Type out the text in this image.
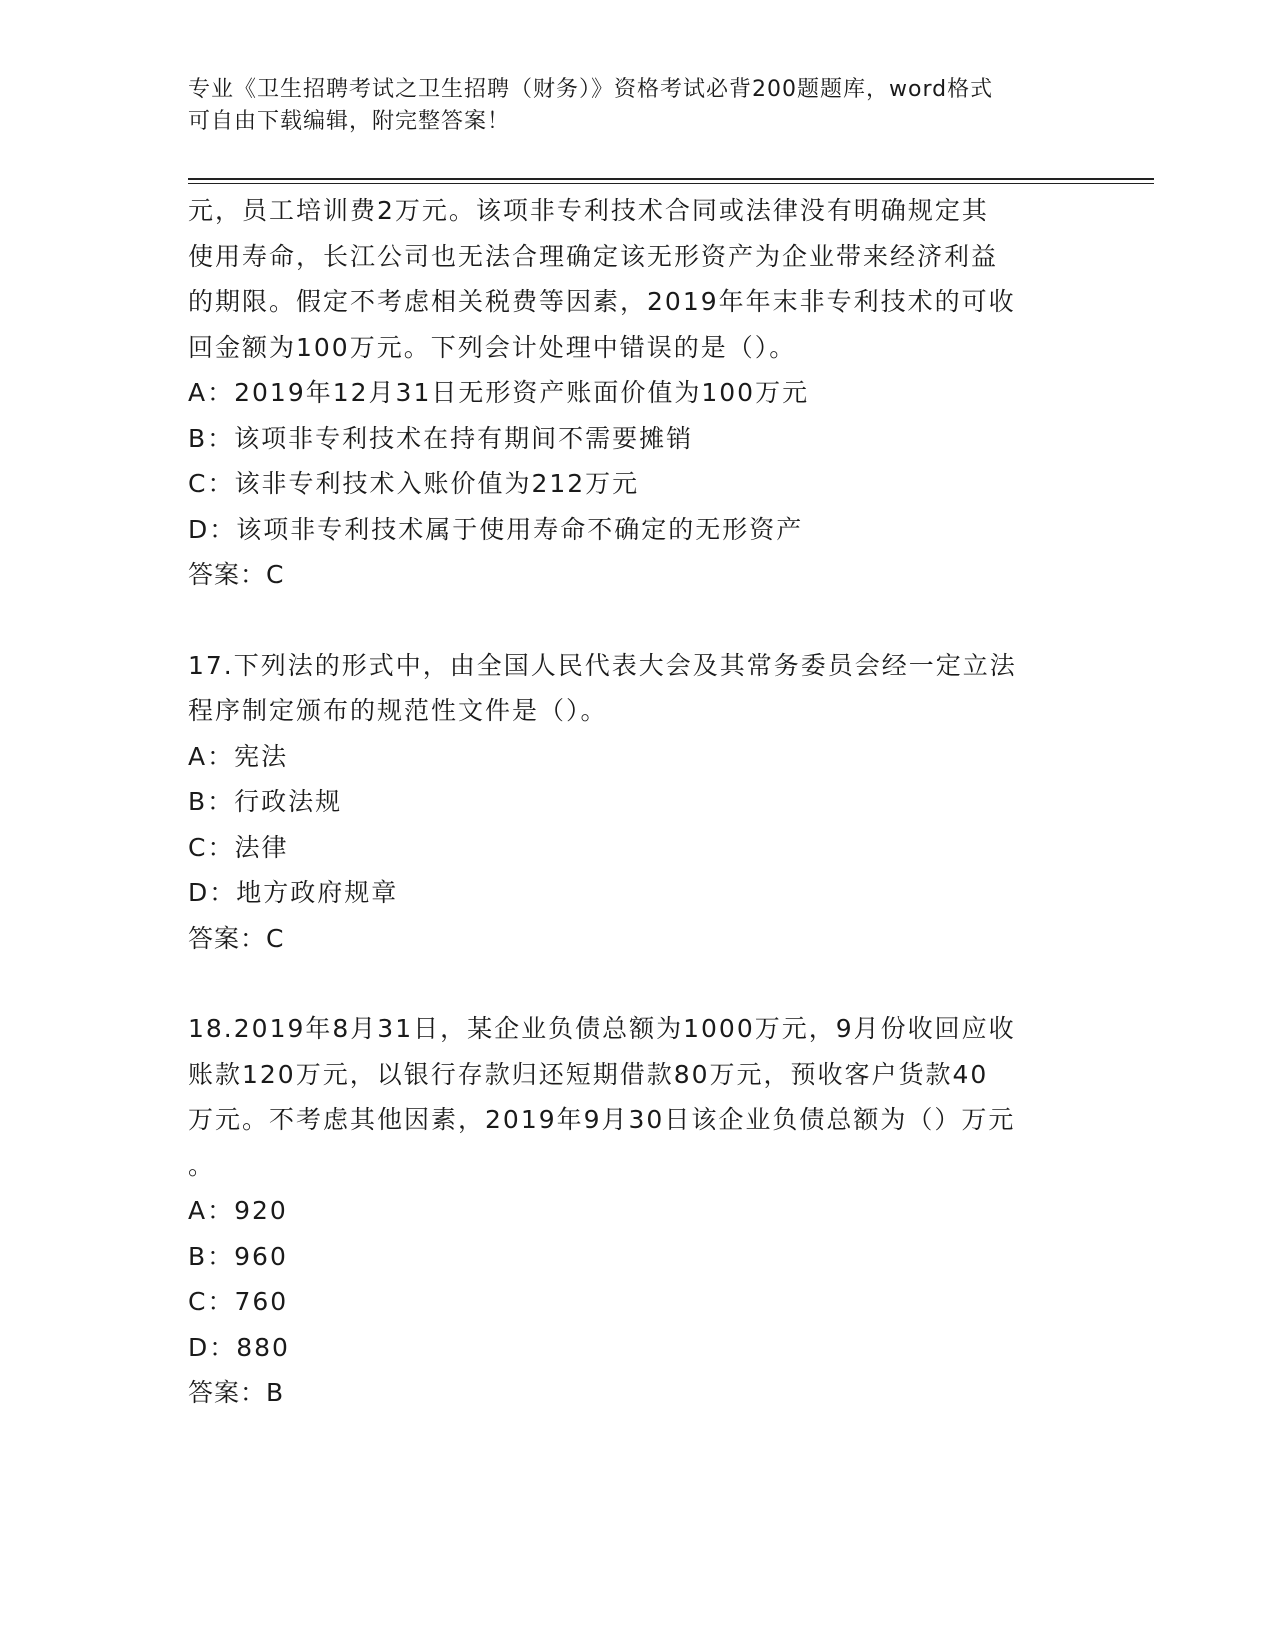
专业《卫生招聘考试之卫生招聘（财务）》资格考试必背200题题库，word格式
可自由下载编辑，附完整答案！
元，员工培训费2万元。该项非专利技术合同或法律没有明确规定其
使用寿命，长江公司也无法合理确定该无形资产为企业带来经济利益
的期限。假定不考虑相关税费等因素，2019年年末非专利技术的可收
回金额为100万元。下列会计处理中错误的是（）。
A：2019年12月31日无形资产账面价值为100万元
B：该项非专利技术在持有期间不需要摊销
C：该非专利技术入账价值为212万元
D：该项非专利技术属于使用寿命不确定的无形资产
答案：C
17.下列法的形式中，由全国人民代表大会及其常务委员会经一定立法
程序制定颁布的规范性文件是（）。
A：宪法
B：行政法规
C：法律
D：地方政府规章
答案：C
18.2019年8月31日，某企业负债总额为1000万元，9月份收回应收
账款120万元，以银行存款归还短期借款80万元，预收客户货款40
万元。不考虑其他因素，2019年9月30日该企业负债总额为（）万元
。
A：920
B：960
C：760
D：880
答案：B
